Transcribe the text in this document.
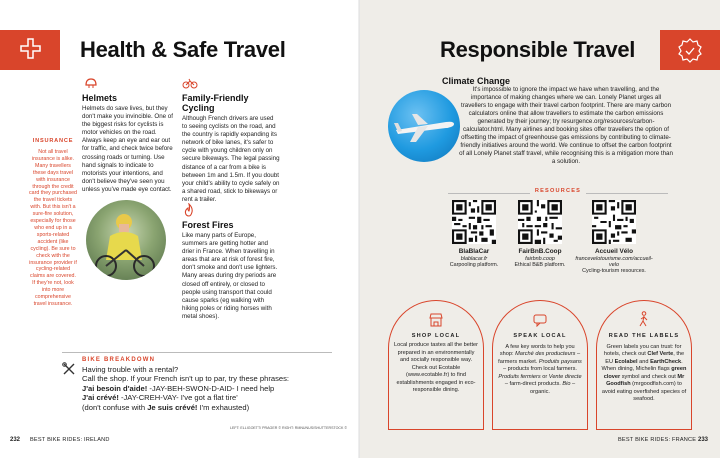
Health & Safe Travel
INSURANCE
Not all travel insurance is alike. Many travellers these days travel with insurance through the credit card they purchased the travel tickets with. But this isn't a sure-fire solution, especially for those who end up in a sports-related accident (like cycling). Be sure to check with the insurance provider if cycling-related claims are covered. If they're not, look into more comprehensive travel insurance.
Helmets
Helmets do save lives, but they don't make you invincible. One of the biggest risks for cyclists is motor vehicles on the road. Always keep an eye and ear out for traffic, and check twice before crossing roads or turning. Use hand signals to indicate to motorists your intentions, and don't believe they've seen you unless you've made eye contact.
Family-Friendly Cycling
Although French drivers are used to seeing cyclists on the road, and the country is rapidly expanding its network of bike lanes, it's safer to cycle with young children only on secure bikeways. The legal passing distance of a car from a bike is between 1m and 1.5m. If you doubt your child's ability to cycle safely on a shared road, stick to bikeways or rent a trailer.
Forest Fires
Like many parts of Europe, summers are getting hotter and drier in France. When travelling in areas that are at risk of forest fire, don't smoke and don't use lighters. Many areas during dry periods are closed off entirely, or closed to people using transport that could cause sparks (eg walking with hiking poles or riding horses with metal shoes).
BIKE BREAKDOWN
Having trouble with a rental?
Call the shop. If your French isn't up to par, try these phrases:
J'ai besoin d'aide! -JAY-BEH-SWON-D-AID- I need help
J'ai crévé! -JAY-CREH-VAY- I've got a flat tire'
(don't confuse with Je suis crévé! I'm exhausted)
LEFT: ELLIGOETT/ PRAGER © RIGHT: RMNUNUS/SHUTTERSTOCK ©
232 BEST BIKE RIDES: IRELAND
Responsible Travel
Climate Change
It's impossible to ignore the impact we have when travelling, and the importance of making changes where we can. Lonely Planet urges all travellers to engage with their travel carbon footprint. There are many carbon calculators online that allow travellers to estimate the carbon emissions generated by their journey; try resurgence.org/resources/carbon-calculator.html. Many airlines and booking sites offer travellers the option of offsetting the impact of greenhouse gas emissions by contributing to climate-friendly initiatives around the world. We continue to offset the carbon footprint of all Lonely Planet staff travel, while recognising this is a mitigation more than a solution.
RESOURCES
BlaBlaCar
blablacar.fr
Carpooling platform.
FairBnB.Coop
fairbnb.coop
Ethical B&B platform.
Accueil Vélo
francevelotourisme.com/accueil-velo
Cycling-tourism resources.
SHOP LOCAL
Local produce tastes all the better prepared in an environmentally and socially responsible way. Check out Ecotable (www.ecotable.fr) to find establishments engaged in eco-responsible dining.
SPEAK LOCAL
A few key words to help you shop: Marché des producteurs – farmers market. Produits paysans – products from local farmers. Produits fermiers or Vente directe – farm-direct products. Bio – organic.
READ THE LABELS
Green labels you can trust: for hotels, check out Clef Verte, the EU Ecolabel and EarthCheck. When dining, Michelin flags green clover symbol and check out Mr Goodfish (mrgoodfish.com) to avoid eating overfished species of seafood.
BEST BIKE RIDES: FRANCE 233
